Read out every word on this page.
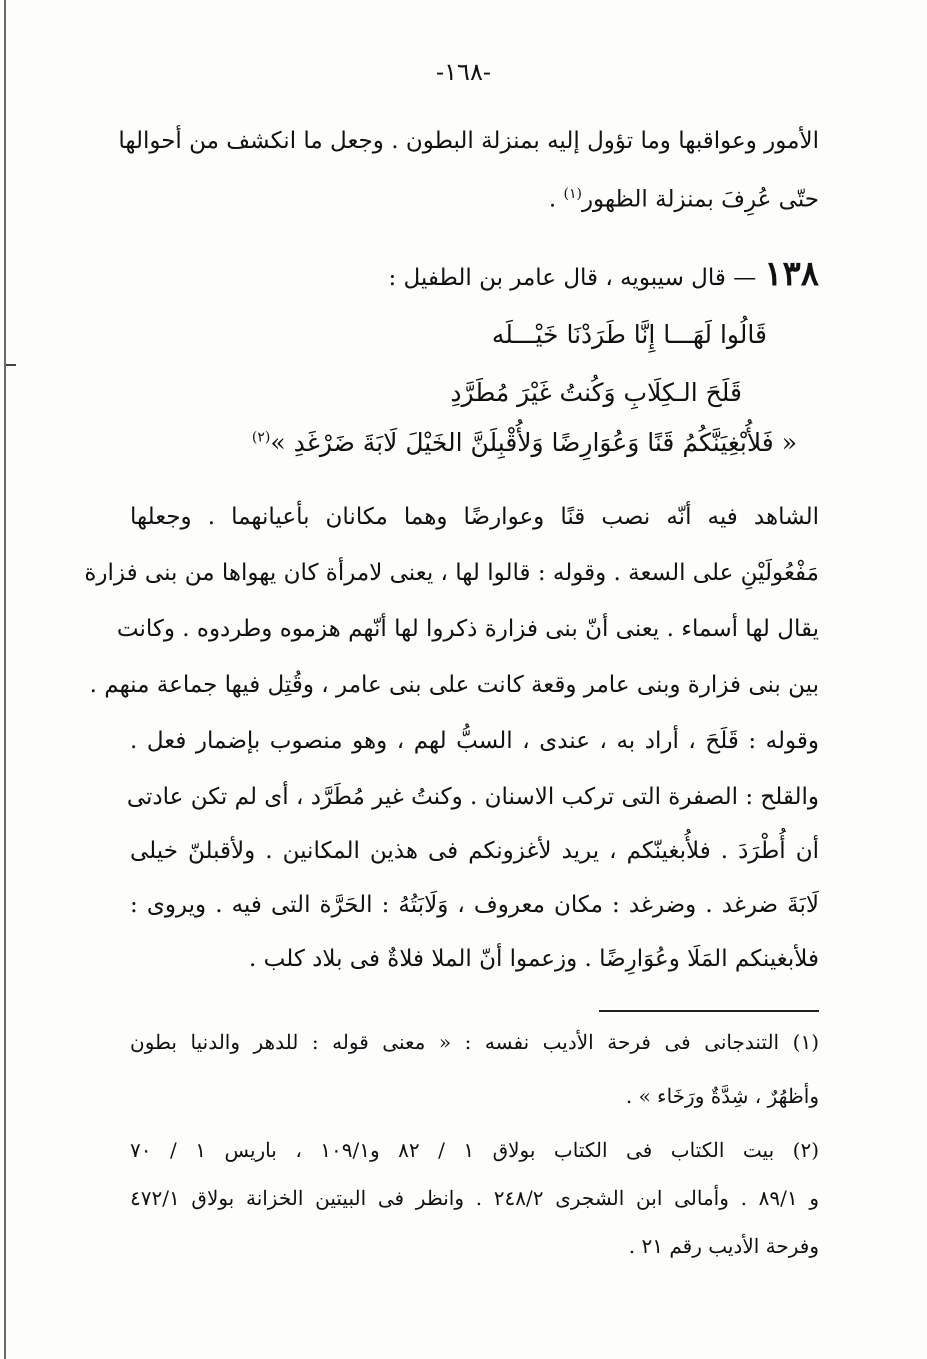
-١٦٨-
الأمور وعواقبها وما تؤول إليه بمنزلة البطون . وجعل ما انكشف من أحوالها
حتّى عُرِفَ بمنزلة الظهور$^{(١)}$ .
١٣٨— قال سيبويه ، قال عامر بن الطفيل :
قَالُوا لَهَـــا إِنَّا طَرَدْنَا خَيْـــلَه
قَلَحَ الـكِلَابِ وَكُنتُ غَيْرَ مُطَرَّدِ
« فَلأُبْغِيَنَّكُمُ قَنًا وَعُوَارِضًا وَلأُقْبِلَنَّ الخَيْلَ لَابَةَ ضَرْغَدِ »$^{(٢)}$
الشاهد فيه أنّه نصب قنًا وعوارضًا وهما مكانان بأعيانهما . وجعلها
مَفْعُولَيْنِ على السعة . وقوله : قالوا لها ، يعنى لامرأة كان يهواها من بنى فزارة
يقال لها أسماء . يعنى أنّ بنى فزارة ذكروا لها أنّهم هزموه وطردوه . وكانت
بين بنى فزارة وبنى عامر وقعة كانت على بنى عامر ، وقُتِل فيها جماعة منهم .
وقوله : قَلَحَ ، أراد به ، عندى ، السبُّ لهم ، وهو منصوب بإضمار فعل .
والقلح : الصفرة التى تركب الاسنان . وكنتُ غير مُطَرَّد ، أى لم تكن عادتى
أن أُطْرَدَ . فلأُبغينّكم ، يريد لأغزونكم فى هذين المكانين . ولأقبلنّ خيلى
لَابَةَ ضرغد . وضرغد : مكان معروف ، وَلَابَتُهُ : الحَرَّة التى فيه . ويروى :
فلأبغينكم المَلَا وعُوَارِضًا . وزعموا أنّ الملا فلاةٌ فى بلاد كلب .
(١) التندجانى فى فرحة الأديب نفسه : « معنى قوله : للدهر والدنيا بطون
وأظهُرٌ ، شِدَّةٌ ورَخَاء » .
(٢) بيت الكتاب فى الكتاب بولاق ١ / ٨٢ و١٠٩/١ ، باريس ١ / ٧٠
و ٨٩/١ . وأمالى ابن الشجرى ٢٤٨/٢ . وانظر فى البيتين الخزانة بولاق ٤٧٢/١
وفرحة الأديب رقم ٢١ .
